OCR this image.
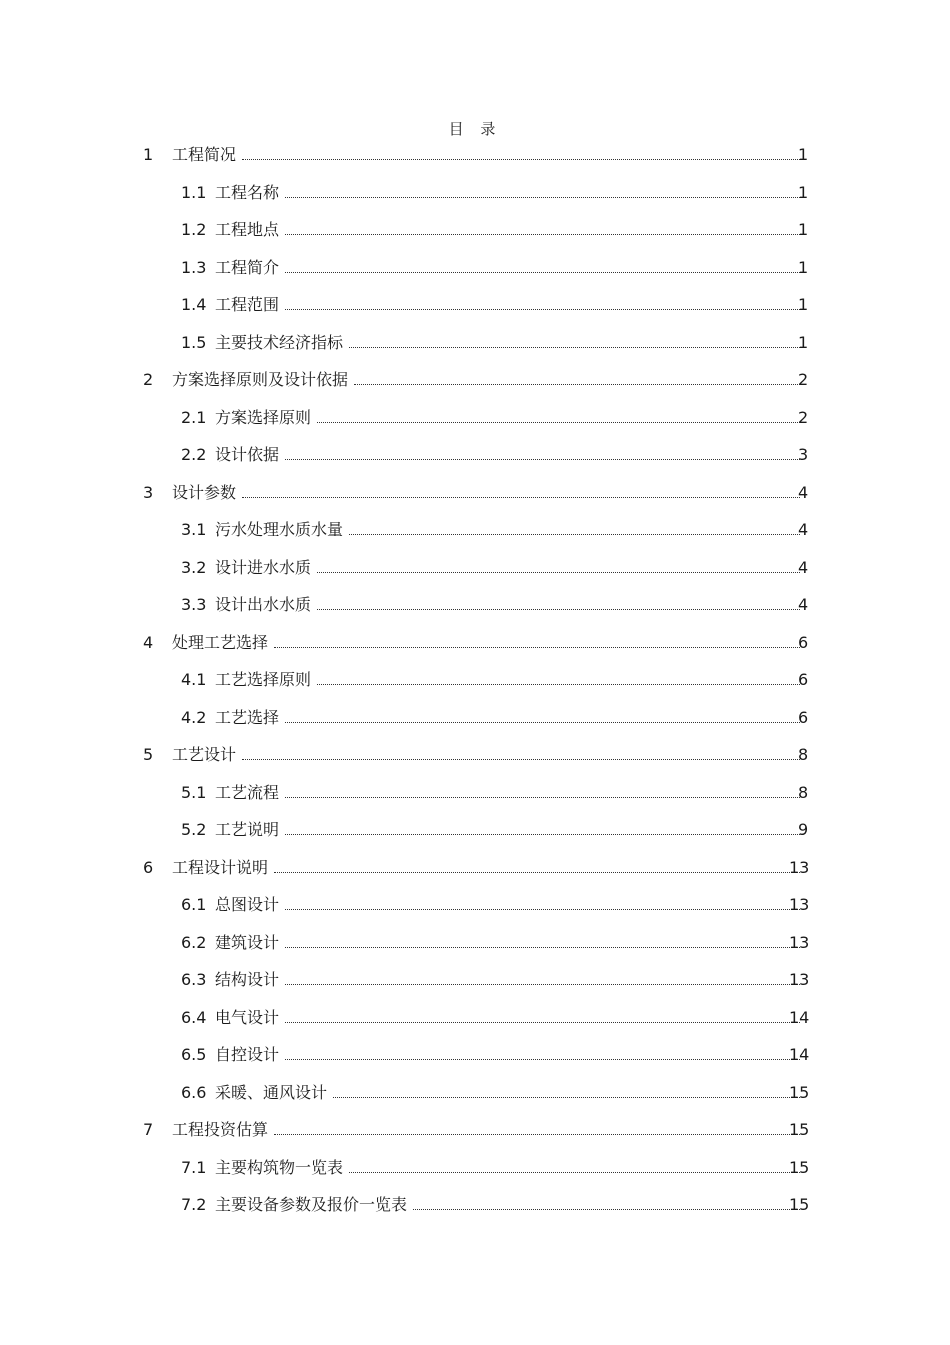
目 录
1 工程简况	1
1.1 工程名称	1
1.2 工程地点	1
1.3 工程简介	1
1.4 工程范围	1
1.5 主要技术经济指标	1
2 方案选择原则及设计依据	2
2.1 方案选择原则	2
2.2 设计依据	3
3 设计参数	4
3.1 污水处理水质水量	4
3.2 设计进水水质	4
3.3 设计出水水质	4
4 处理工艺选择	6
4.1 工艺选择原则	6
4.2 工艺选择	6
5 工艺设计	8
5.1 工艺流程	8
5.2 工艺说明	9
6 工程设计说明	13
6.1 总图设计	13
6.2 建筑设计	13
6.3 结构设计	13
6.4 电气设计	14
6.5 自控设计	14
6.6 采暖、通风设计	15
7 工程投资估算	15
7.1 主要构筑物一览表	15
7.2 主要设备参数及报价一览表	15
